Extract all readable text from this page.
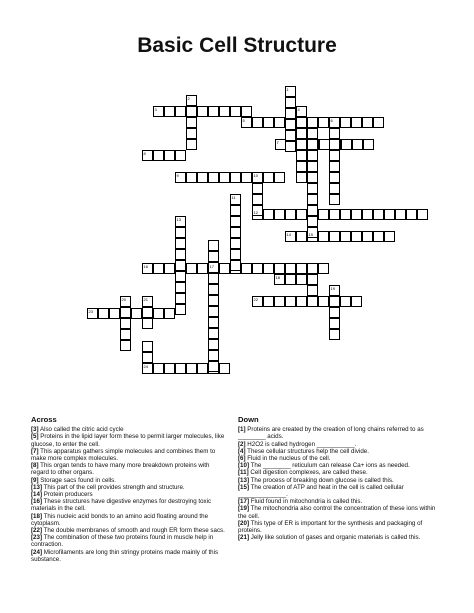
Basic Cell Structure
1
2
3	4
5	6
7
8
9	10
11
12
13
14	15
16	17
18
19
20	21	22
23
24
Across

[3] Also called the citric acid cycle

[5] Proteins in the lipid layer form these to permit larger molecules, like glucose, to enter the cell.

[7] This apparatus gathers simple molecules and combines them to make more complex molecules.

[8] This organ tends to have many more breakdown proteins with regard to other organs.

[9] Storage sacs found in cells.

[13] This part of the cell provides strength and structure.

[14] Protein producers

[16] These structures have digestive enzymes for destroying toxic materials in the cell.

[18] This nucleic acid bonds to an amino acid floating around the cytoplasm.

[22] The double membranes of smooth and rough ER form these sacs.

[23] The combination of these two proteins found in muscle help in contraction.

[24] Microfilaments are long thin stringy proteins made mainly of this substance.

Down

[1] Proteins are created by the creation of long chains referred to as ________ acids.

[2] H2O2 is called hydrogen ___________.

[4] These cellular structures help the cell divide.

[6] Fluid in the nucleus of the cell.

[10] The ________ reticulum can release Ca+ ions as needed.

[11] Cell digestion complexes, are called these.

[13] The process of breaking down glucose is called this.

[15] The creation of ATP and heat in the cell is called cellular ______________.

[17] Fluid found in mitochondria is called this.

[19] The mitochondria also control the concentration of these ions within the cell.

[20] This type of ER is important for the synthesis and packaging of proteins.

[21] Jelly like solution of gases and organic materials is called this.
